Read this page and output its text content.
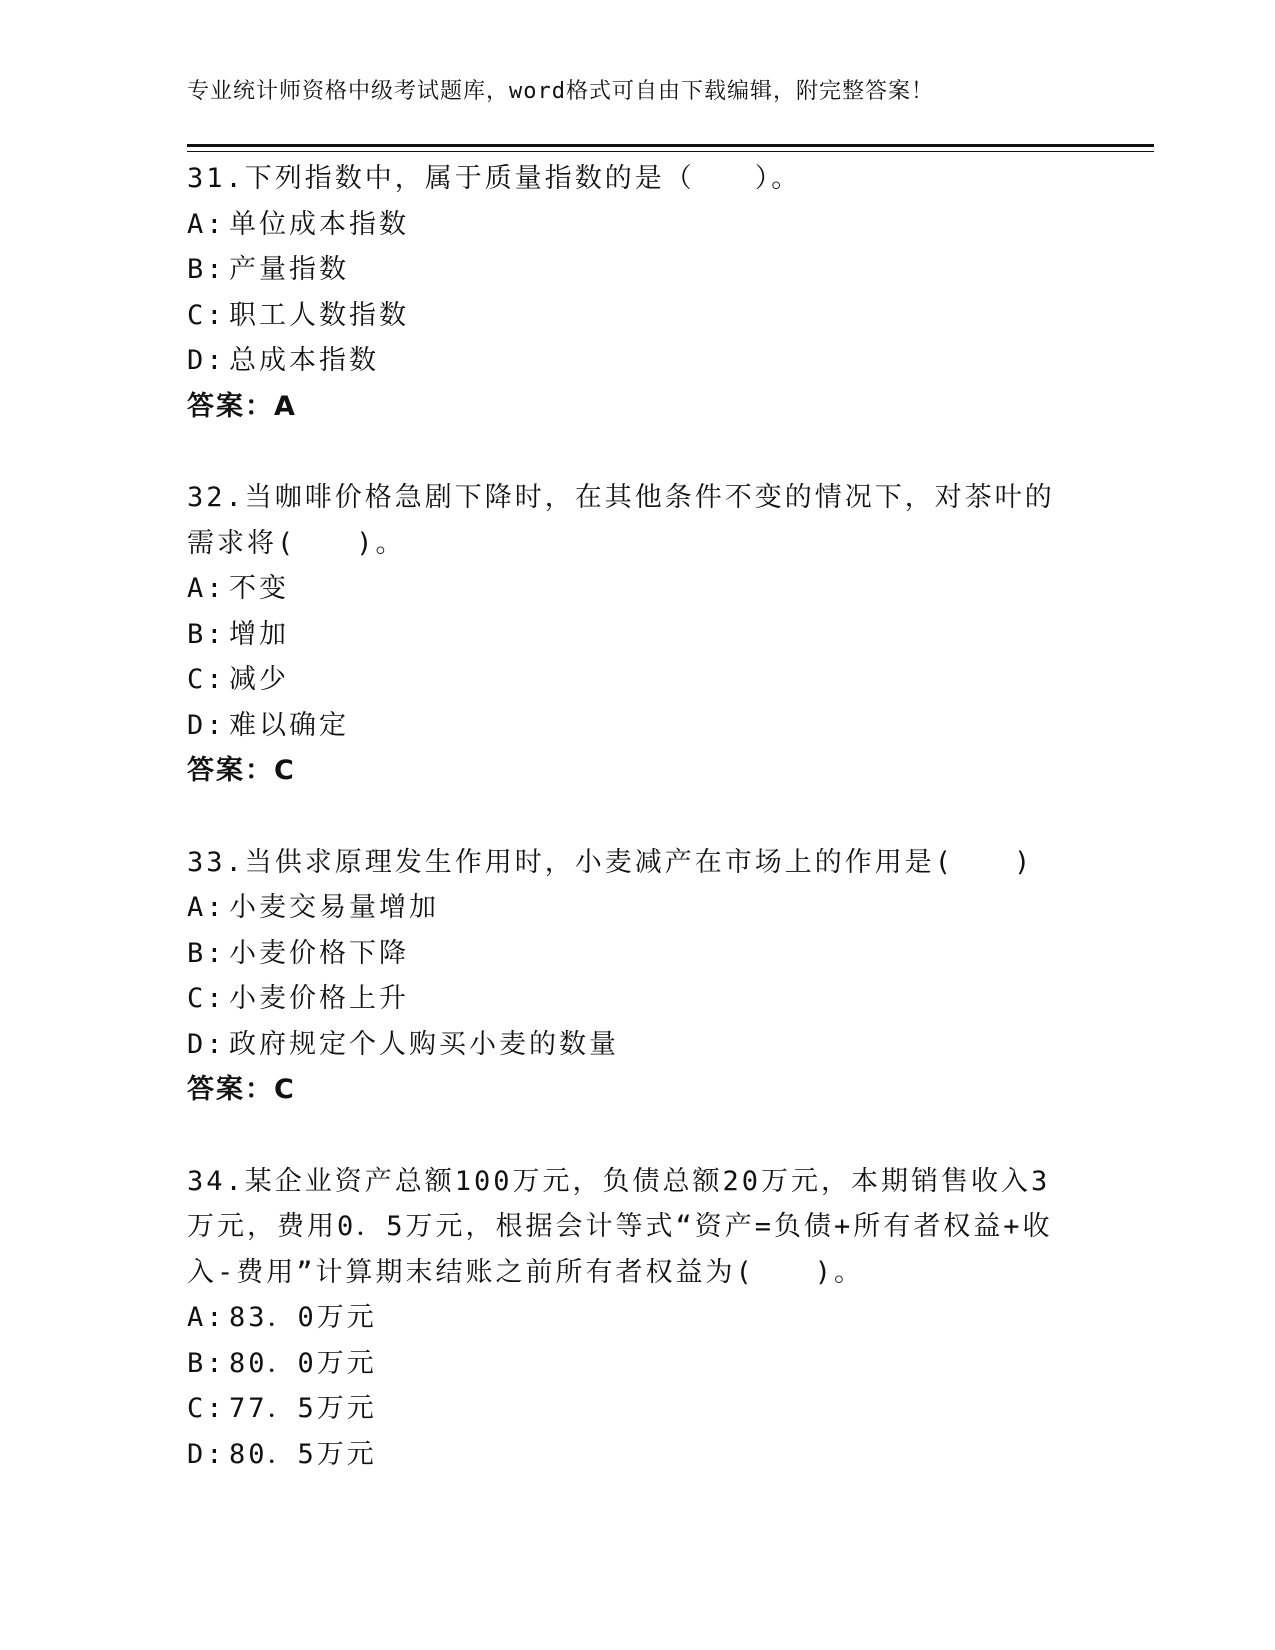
专业统计师资格中级考试题库，word格式可自由下载编辑，附完整答案！

31.下列指数中，属于质量指数的是（　　）。

A: 单位成本指数

B: 产量指数

C: 职工人数指数

D: 总成本指数

答案：A

32.当咖啡价格急剧下降时，在其他条件不变的情况下，对茶叶的需求将(　　)。

A: 不变

B: 增加

C: 减少

D: 难以确定

答案：C

33.当供求原理发生作用时，小麦减产在市场上的作用是(　　)

A: 小麦交易量增加

B: 小麦价格下降

C: 小麦价格上升

D: 政府规定个人购买小麦的数量

答案：C

34.某企业资产总额100万元，负债总额20万元，本期销售收入3万元，费用0．5万元，根据会计等式“资产=负债+所有者权益+收入-费用”计算期末结账之前所有者权益为(　　)。

A: 83．0万元

B: 80．0万元

C: 77．5万元

D: 80．5万元
